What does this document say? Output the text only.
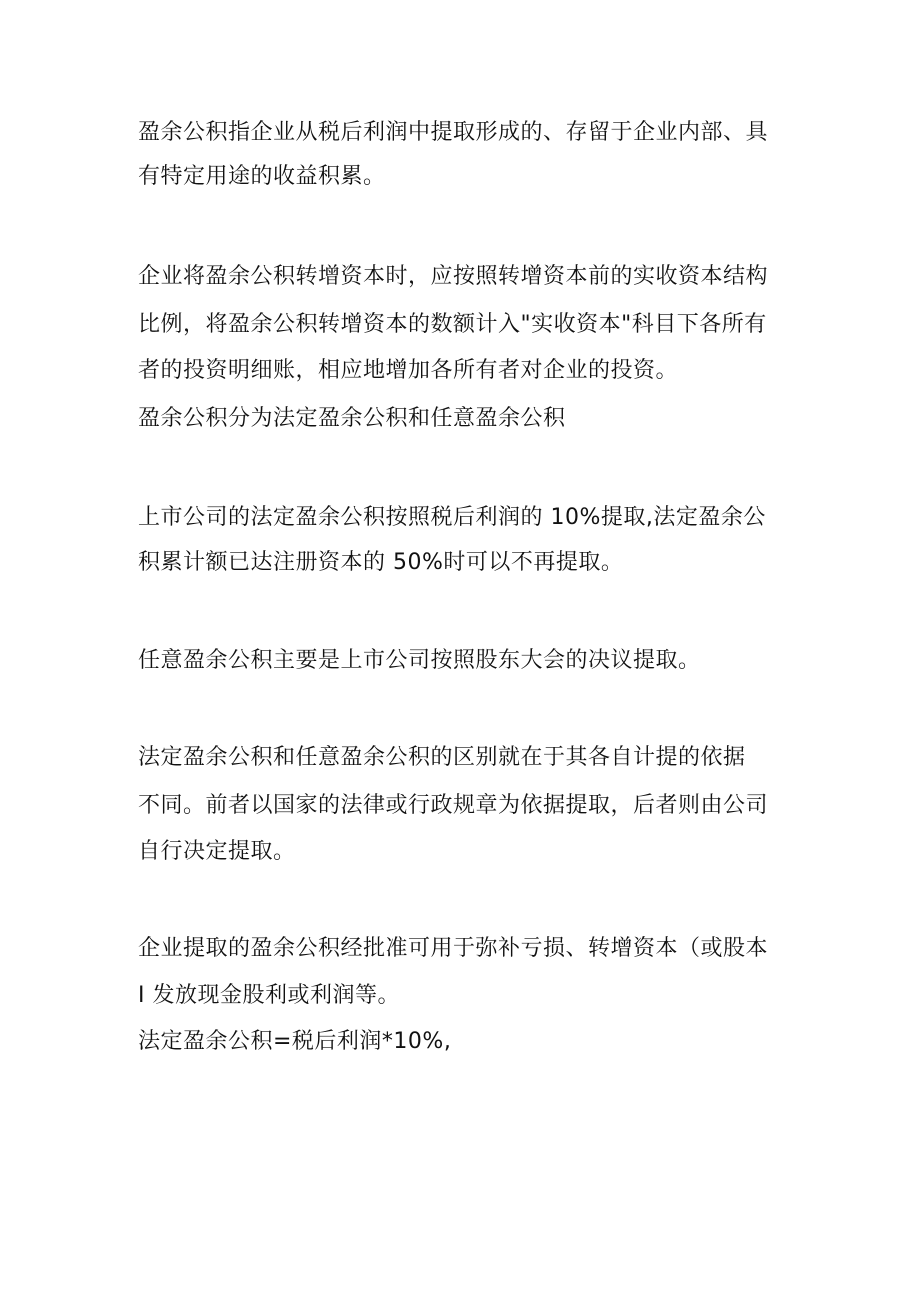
盈余公积指企业从税后利润中提取形成的、存留于企业内部、具
有特定用途的收益积累。
企业将盈余公积转增资本时，应按照转增资本前的实收资本结构
比例，将盈余公积转增资本的数额计入"实收资本"科目下各所有
者的投资明细账，相应地增加各所有者对企业的投资。
盈余公积分为法定盈余公积和任意盈余公积
上市公司的法定盈余公积按照税后利润的 10%提取,法定盈余公
积累计额已达注册资本的 50%时可以不再提取。
任意盈余公积主要是上市公司按照股东大会的决议提取。
法定盈余公积和任意盈余公积的区别就在于其各自计提的依据
不同。前者以国家的法律或行政规章为依据提取，后者则由公司
自行决定提取。
企业提取的盈余公积经批准可用于弥补亏损、转增资本（或股本
I 发放现金股利或利润等。
法定盈余公积=税后利润*10%,
